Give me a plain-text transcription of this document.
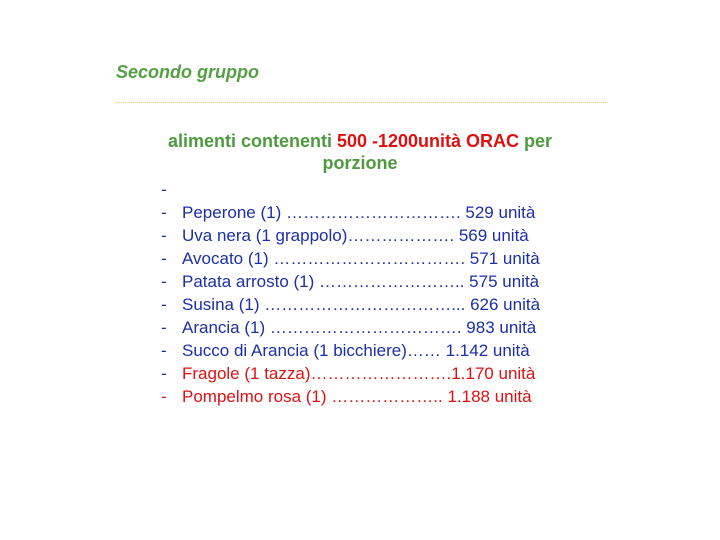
Secondo gruppo
alimenti contenenti 500 -1200unità ORAC per porzione
-
- Peperone (1) …………………………. 529 unità
- Uva nera (1 grappolo)………………. 569 unità
- Avocato (1) ……………………………. 571 unità
- Patata arrosto (1) …………………….. 575 unità
- Susina (1) ……………………………... 626 unità
- Arancia (1) ……………………………. 983 unità
- Succo di Arancia (1 bicchiere)…… 1.142 unità
- Fragole (1 tazza)…………………….1.170 unità
- Pompelmo rosa (1) ……………….. 1.188 unità
